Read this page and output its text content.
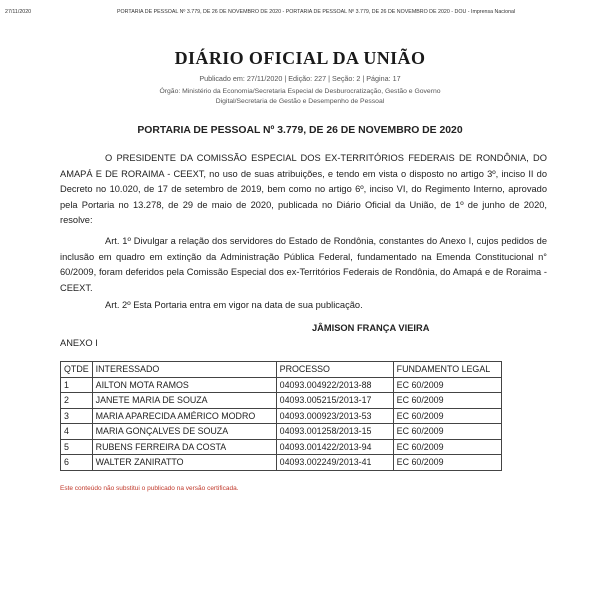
27/11/2020	PORTARIA DE PESSOAL Nº 3.779, DE 26 DE NOVEMBRO DE 2020 - PORTARIA DE PESSOAL Nº 3.779, DE 26 DE NOVEMBRO DE 2020 - DOU - Imprensa Nacional
DIÁRIO OFICIAL DA UNIÃO
Publicado em: 27/11/2020 | Edição: 227 | Seção: 2 | Página: 17
Órgão: Ministério da Economia/Secretaria Especial de Desburocratização, Gestão e Governo Digital/Secretaria de Gestão e Desempenho de Pessoal
PORTARIA DE PESSOAL Nº 3.779, DE 26 DE NOVEMBRO DE 2020
O PRESIDENTE DA COMISSÃO ESPECIAL DOS EX-TERRITÓRIOS FEDERAIS DE RONDÔNIA, DO AMAPÁ E DE RORAIMA - CEEXT, no uso de suas atribuições, e tendo em vista o disposto no artigo 3º, inciso II do Decreto no 10.020, de 17 de setembro de 2019, bem como no artigo 6º, inciso VI, do Regimento Interno, aprovado pela Portaria no 13.278, de 29 de maio de 2020, publicada no Diário Oficial da União, de 1º de junho de 2020, resolve:
Art. 1º Divulgar a relação dos servidores do Estado de Rondônia, constantes do Anexo I, cujos pedidos de inclusão em quadro em extinção da Administração Pública Federal, fundamentado na Emenda Constitucional n° 60/2009, foram deferidos pela Comissão Especial dos ex-Territórios Federais de Rondônia, do Amapá e de Roraima - CEEXT.
Art. 2º Esta Portaria entra em vigor na data de sua publicação.
JÂMISON FRANÇA VIEIRA
ANEXO I
QTDE	INTERESSADO	PROCESSO	FUNDAMENTO LEGAL
1	AILTON MOTA RAMOS	04093.004922/2013-88	EC 60/2009
2	JANETE MARIA DE SOUZA	04093.005215/2013-17	EC 60/2009
3	MARIA APARECIDA AMÉRICO MODRO	04093.000923/2013-53	EC 60/2009
4	MARIA GONÇALVES DE SOUZA	04093.001258/2013-15	EC 60/2009
5	RUBENS FERREIRA DA COSTA	04093.001422/2013-94	EC 60/2009
6	WALTER ZANIRATTO	04093.002249/2013-41	EC 60/2009
Este conteúdo não substitui o publicado na versão certificada.
